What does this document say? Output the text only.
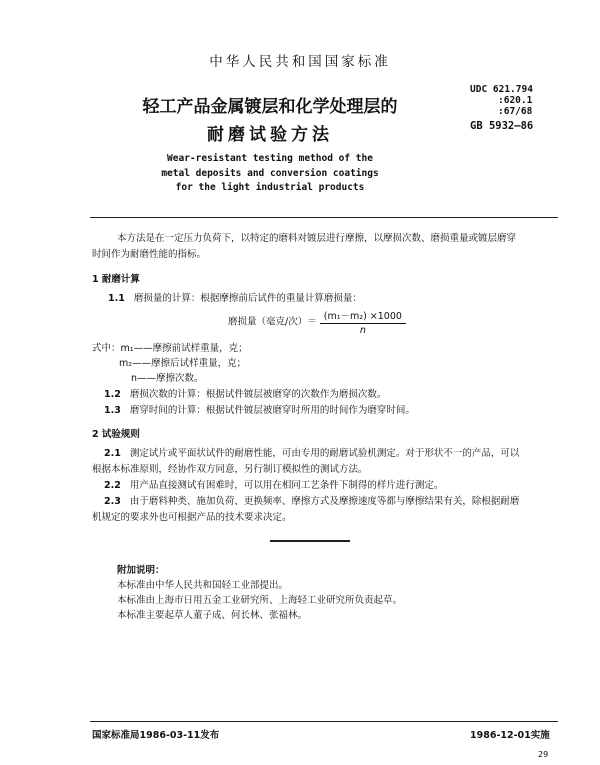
中华人民共和国国家标准
UDC 621.794
:620.1
:67/68
GB 5932—86
轻工产品金属镀层和化学处理层的
耐磨试验方法
Wear-resistant testing method of the
metal deposits and conversion coatings
for the light industrial products
本方法是在一定压力负荷下，以特定的磨料对镀层进行摩擦，以摩损次数、磨损重量或镀层磨穿
时间作为耐磨性能的指标。
1 耐磨计算
1.1 磨损量的计算：根据摩擦前后试件的重量计算磨损量：
磨损量（毫克/次）＝ $\frac{\text{(m₁－m₂) ×1000}}{n}$
式中：m₁——摩擦前试样重量，克；
m₂——摩擦后试样重量，克；
n——摩擦次数。
1.2 磨损次数的计算：根据试件镀层被磨穿的次数作为磨损次数。
1.3 磨穿时间的计算：根据试件镀层被磨穿时所用的时间作为磨穿时间。
2 试验规则
2.1 测定试片或平面状试件的耐磨性能，可由专用的耐磨试验机测定。对于形状不一的产品，可以
根据本标准原则，经协作双方同意，另行制订模拟性的测试方法。
2.2 用产品直接测试有困难时，可以用在相同工艺条件下制得的样片进行测定。
2.3 由于磨料种类、施加负荷、更换频率、摩擦方式及摩擦速度等都与摩擦结果有关，除根据耐磨
机规定的要求外也可根据产品的技术要求决定。
附加说明：
本标准由中华人民共和国轻工业部提出。
本标准由上海市日用五金工业研究所、上海轻工业研究所负责起草。
本标准主要起草人董子成、何长林、张福林。
国家标准局1986-03-11发布	1986-12-01实施
29
